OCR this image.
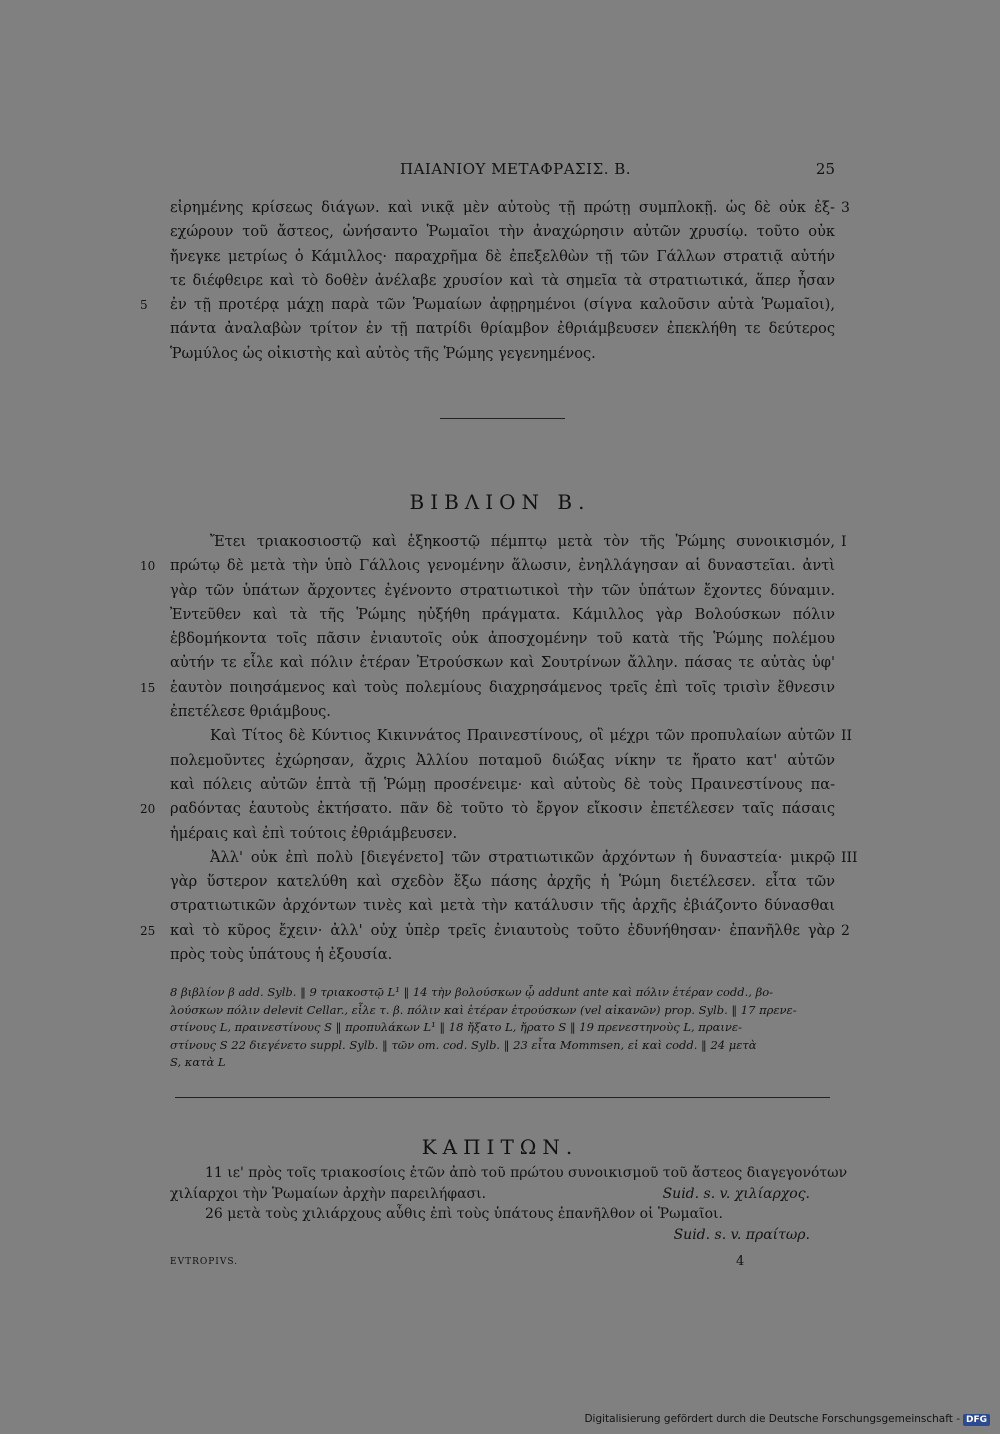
ΠΑΙΑΝΙΟΥ ΜΕΤΑΦΡΑΣΙΣ. Β.	25
εἰρημένης κρίσεως διάγων. καὶ νικᾷ μὲν αὐτοὺς τῇ πρώτῃ συμπλοκῇ. ὡς δὲ οὐκ ἐξ- 3
εχώρουν τοῦ ἄστεος, ὠνήσαντο Ῥωμαῖοι τὴν ἀναχώρησιν αὐτῶν χρυσίῳ. τοῦτο οὐκ
ἤνεγκε μετρίως ὁ Κάμιλλος· παραχρῆμα δὲ ἐπεξελθὼν τῇ τῶν Γάλλων στρατιᾷ αὐτήν
τε διέφθειρε καὶ τὸ δοθὲν ἀνέλαβε χρυσίον καὶ τὰ σημεῖα τὰ στρατιωτικά, ἅπερ ἦσαν
5	ἐν τῇ προτέρᾳ μάχῃ παρὰ τῶν Ῥωμαίων ἀφῃρημένοι (σίγνα καλοῦσιν αὐτὰ Ῥωμαῖοι),
πάντα ἀναλαβὼν τρίτον ἐν τῇ πατρίδι θρίαμβον ἐθριάμβευσεν ἐπεκλήθη τε δεύτερος
Ῥωμύλος ὡς οἰκιστὴς καὶ αὐτὸς τῆς Ῥώμης γεγενημένος.
ΒΙΒΛΙΟΝ Β.
Ἔτει τριακοσιοστῷ καὶ ἑξηκοστῷ πέμπτῳ μετὰ τὸν τῆς Ῥώμης συνοικισμόν, I
10	πρώτῳ δὲ μετὰ τὴν ὑπὸ Γάλλοις γενομένην ἅλωσιν, ἐνηλλάγησαν αἱ δυναστεῖαι. ἀντὶ
γὰρ τῶν ὑπάτων ἄρχοντες ἐγένοντο στρατιωτικοὶ τὴν τῶν ὑπάτων ἔχοντες δύναμιν.
Ἐντεῦθεν καὶ τὰ τῆς Ῥώμης ηὐξήθη πράγματα. Κάμιλλος γὰρ Βολούσκων πόλιν
ἑβδομήκοντα τοῖς πᾶσιν ἐνιαυτοῖς οὐκ ἀποσχομένην τοῦ κατὰ τῆς Ῥώμης πολέμου
αὐτήν τε εἷλε καὶ πόλιν ἑτέραν Ἐτρούσκων καὶ Σουτρίνων ἄλλην. πάσας τε αὐτὰς ὑφ'
15	ἑαυτὸν ποιησάμενος καὶ τοὺς πολεμίους διαχρησάμενος τρεῖς ἐπὶ τοῖς τρισὶν ἔθνεσιν
ἐπετέλεσε θριάμβους.
Καὶ Τίτος δὲ Κύντιος Κικιννάτος Πραινεστίνους, οἳ μέχρι τῶν προπυλαίων αὐτῶν II
πολεμοῦντες ἐχώρησαν, ἄχρις Ἀλλίου ποταμοῦ διώξας νίκην τε ἤρατο κατ' αὐτῶν
καὶ πόλεις αὐτῶν ἑπτὰ τῇ Ῥώμῃ προσένειμε· καὶ αὐτοὺς δὲ τοὺς Πραινεστίνους πα-
20	ραδόντας ἑαυτοὺς ἐκτήσατο. πᾶν δὲ τοῦτο τὸ ἔργον εἴκοσιν ἐπετέλεσεν ταῖς πάσαις
ἡμέραις καὶ ἐπὶ τούτοις ἐθριάμβευσεν.
Ἀλλ' οὐκ ἐπὶ πολὺ [διεγένετο] τῶν στρατιωτικῶν ἀρχόντων ἡ δυναστεία· μικρῷ III
γὰρ ὕστερον κατελύθη καὶ σχεδὸν ἔξω πάσης ἀρχῆς ἡ Ῥώμη διετέλεσεν. εἶτα τῶν
στρατιωτικῶν ἀρχόντων τινὲς καὶ μετὰ τὴν κατάλυσιν τῆς ἀρχῆς ἐβιάζοντο δύνασθαι
25	καὶ τὸ κῦρος ἔχειν· ἀλλ' οὐχ ὑπὲρ τρεῖς ἐνιαυτοὺς τοῦτο ἐδυνήθησαν· ἐπανῆλθε γὰρ 2
πρὸς τοὺς ὑπάτους ἡ ἐξουσία.
8 βιβλίον β add. Sylb. ‖ 9 τριακοστῷ L¹ ‖ 14 τὴν βολούσκων ᾧ addunt ante καὶ πόλιν ἑτέραν codd., βο-
λούσκων πόλιν delevit Cellar., εἷλε τ. β. πόλιν καὶ ἑτέραν ἐτρούσκων (vel αἰκανῶν) prop. Sylb. ‖ 17 πρενε-
στίνους L, πραινεστίνους S ‖ προπυλάκων L¹ ‖ 18 ἤξατο L, ἤρατο S ‖ 19 πρενεστηνοὺς L, πραινε-
στίνους S 22 διεγένετο suppl. Sylb. ‖ τῶν om. cod. Sylb. ‖ 23 εἶτα Mommsen, εἰ καὶ codd. ‖ 24 μετὰ
S, κατὰ L
ΚΑΠΙΤΩΝ.
11 ιε' πρὸς τοῖς τριακοσίοις ἐτῶν ἀπὸ τοῦ πρώτου συνοικισμοῦ τοῦ ἄστεος διαγεγονότων
χιλίαρχοι τὴν Ῥωμαίων ἀρχὴν παρειλήφασι.	Suid. s. v. χιλίαρχος.
26 μετὰ τοὺς χιλιάρχους αὖθις ἐπὶ τοὺς ὑπάτους ἐπανῆλθον οἱ Ῥωμαῖοι.
Suid. s. v. πραίτωρ.
EVTROPIVS.	4
Digitalisierung gefördert durch die Deutsche Forschungsgemeinschaft - DFG
